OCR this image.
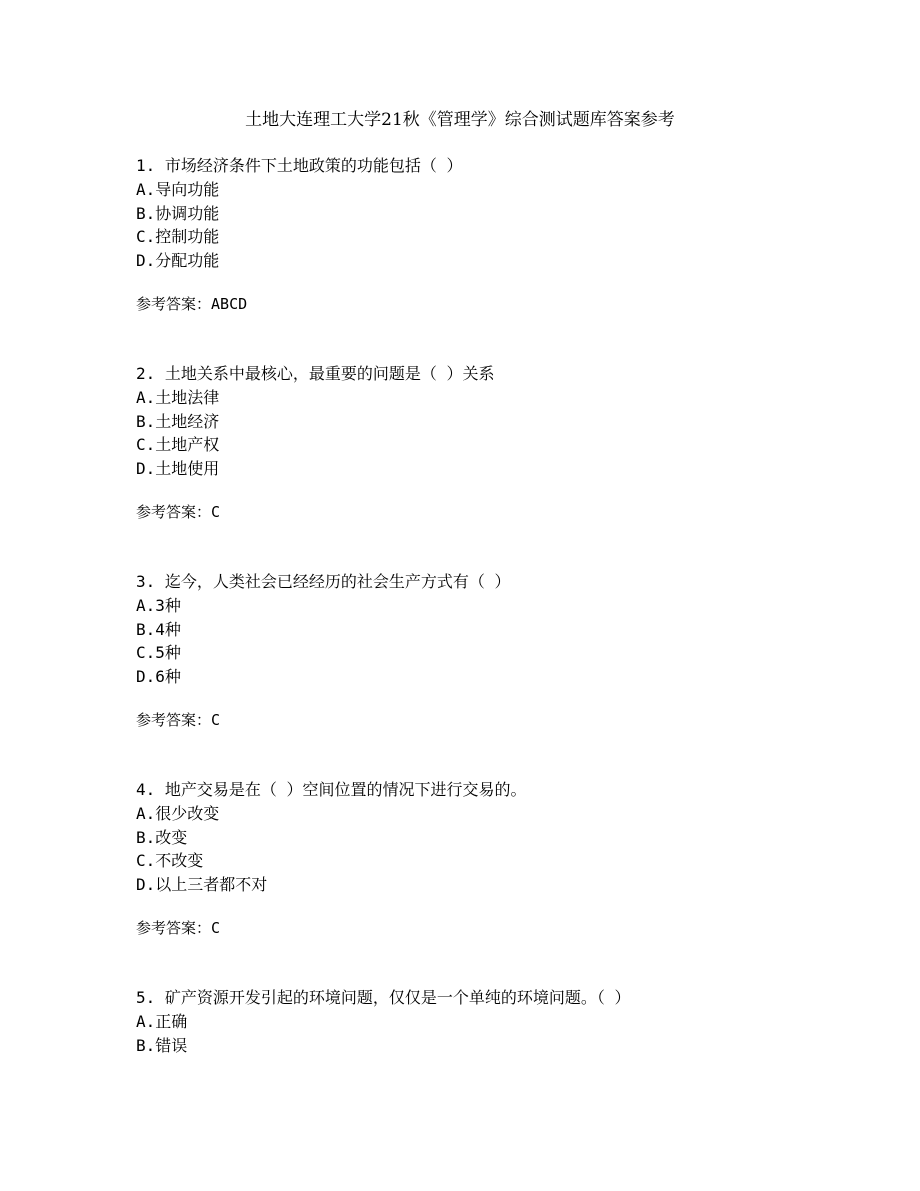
土地大连理工大学21秋《管理学》综合测试题库答案参考

1. 市场经济条件下土地政策的功能包括（ ）

A.导向功能

B.协调功能

C.控制功能

D.分配功能

参考答案：ABCD

2. 土地关系中最核心，最重要的问题是（ ）关系

A.土地法律

B.土地经济

C.土地产权

D.土地使用

参考答案：C

3. 迄今，人类社会已经经历的社会生产方式有（ ）

A.3种

B.4种

C.5种

D.6种

参考答案：C

4. 地产交易是在（ ）空间位置的情况下进行交易的。

A.很少改变

B.改变

C.不改变

D.以上三者都不对

参考答案：C

5. 矿产资源开发引起的环境问题，仅仅是一个单纯的环境问题。（ ）

A.正确

B.错误
